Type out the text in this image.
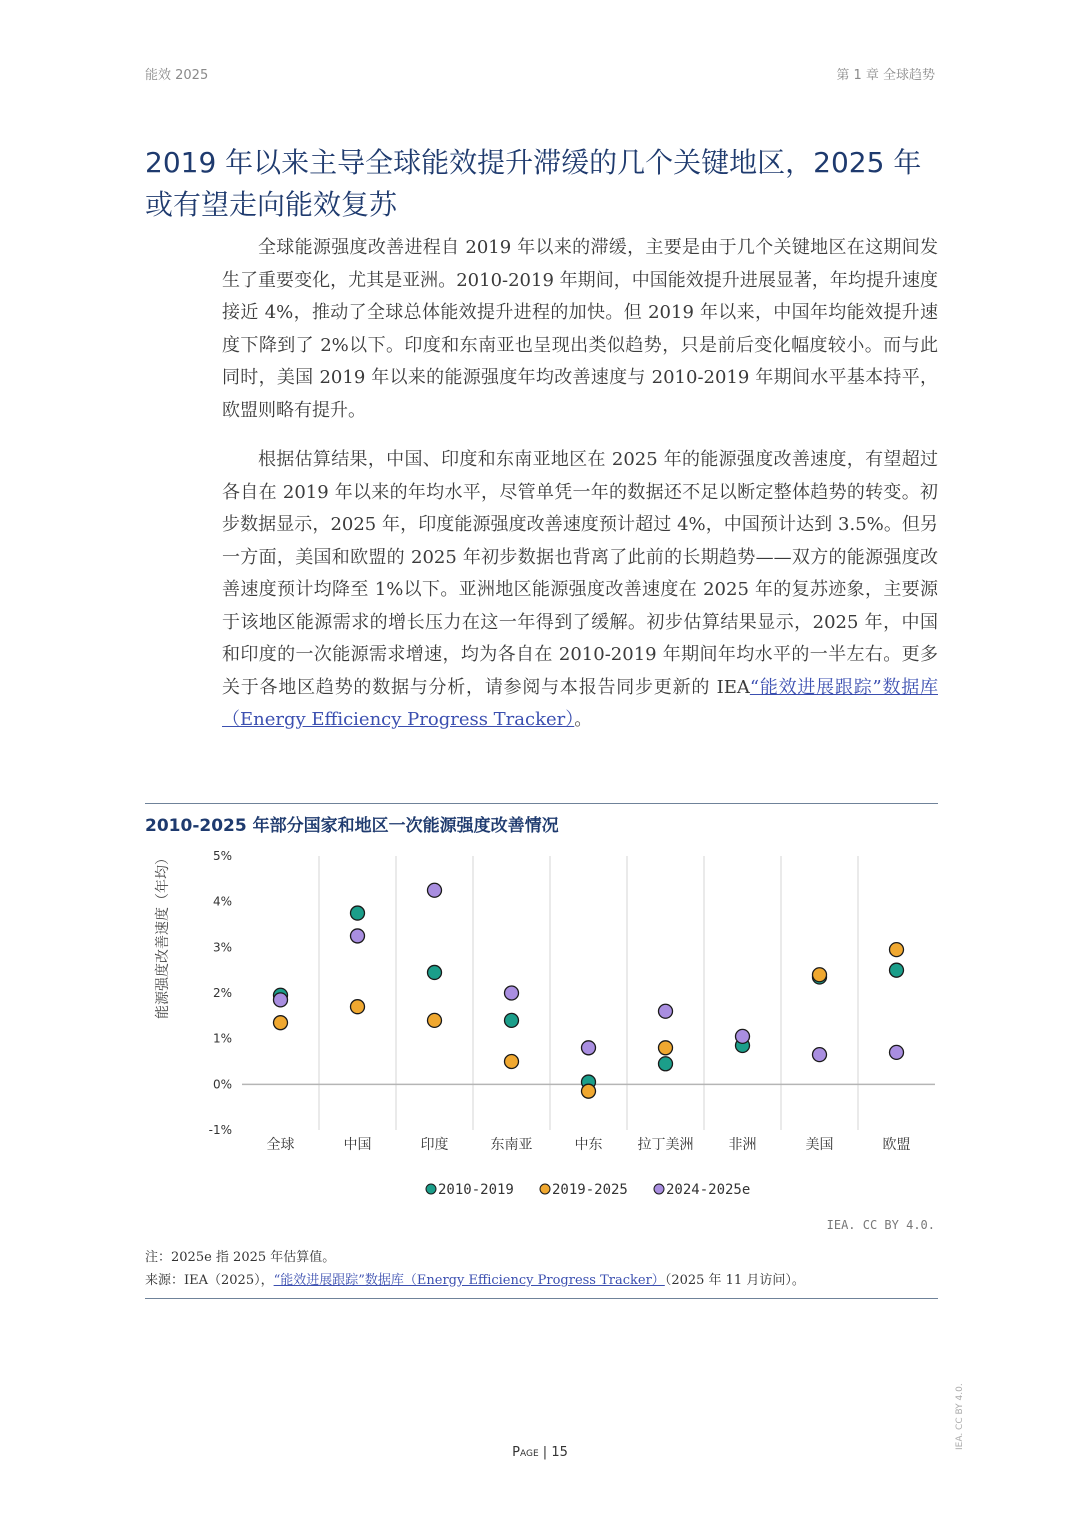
能效 2025	第 1 章 全球趋势
2019 年以来主导全球能效提升滞缓的几个关键地区，2025 年或有望走向能效复苏

全球能源强度改善进程自 2019 年以来的滞缓，主要是由于几个关键地区在这期间发生了重要变化，尤其是亚洲。2010-2019 年期间，中国能效提升进展显著，年均提升速度接近 4%，推动了全球总体能效提升进程的加快。但 2019 年以来，中国年均能效提升速度下降到了 2%以下。印度和东南亚也呈现出类似趋势，只是前后变化幅度较小。而与此同时，美国 2019 年以来的能源强度年均改善速度与 2010-2019 年期间水平基本持平，欧盟则略有提升。

根据估算结果，中国、印度和东南亚地区在 2025 年的能源强度改善速度，有望超过各自在 2019 年以来的年均水平，尽管单凭一年的数据还不足以断定整体趋势的转变。初步数据显示，2025 年，印度能源强度改善速度预计超过 4%，中国预计达到 3.5%。但另一方面，美国和欧盟的 2025 年初步数据也背离了此前的长期趋势——双方的能源强度改善速度预计均降至 1%以下。亚洲地区能源强度改善速度在 2025 年的复苏迹象，主要源于该地区能源需求的增长压力在这一年得到了缓解。初步估算结果显示，2025 年，中国和印度的一次能源需求增速，均为各自在 2010-2019 年期间年均水平的一半左右。更多关于各地区趋势的数据与分析，请参阅与本报告同步更新的 IEA“能效进展跟踪”数据库（Energy Efficiency Progress Tracker）。

2010-2025 年部分国家和地区一次能源强度改善情况
-1%
0%
1%
2%
3%
4%
5%
能源强度改善速度（年均）
全球	中国	印度	东南亚	中东	拉丁美洲	非洲	美国	欧盟
2010-2019	2019-2025	2024-2025e
IEA. CC BY 4.0.
注：2025e 指 2025 年估算值。
来源：IEA（2025），“能效进展跟踪”数据库（Energy Efficiency Progress Tracker）（2025 年 11 月访问）。
Page | 15
IEA. CC BY 4.0.
